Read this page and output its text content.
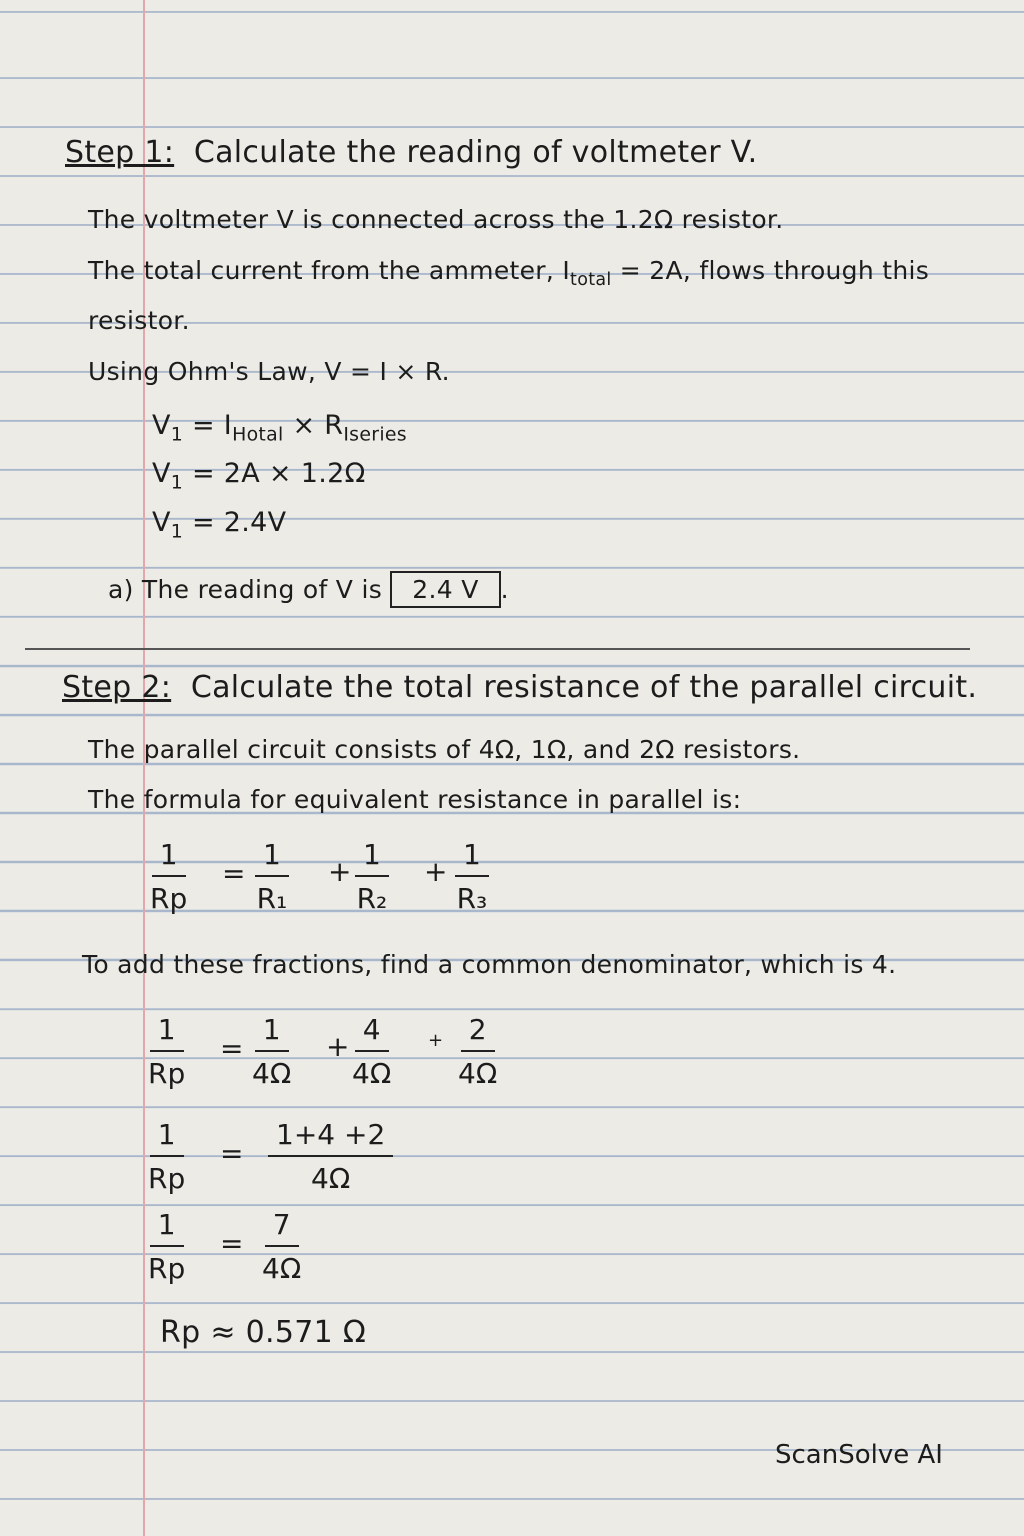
Step 1: Calculate the reading of voltmeter V.
The voltmeter V is connected across the 1.2Ω resistor.
The total current from the ammeter, $I_{total} = 2A$, flows through this
resistor.
Using Ohm's Law, V = I × R.
$V_1 = I_{Hotal} \times R_{Iseries}$
$V_1 = 2A \times 1.2\Omega$
$V_1 = 2.4V$
a) The reading of V is 2.4 V .
Step 2: Calculate the total resistance of the parallel circuit.
The parallel circuit consists of 4Ω, 1Ω, and 2Ω resistors.
The formula for equivalent resistance in parallel is:
$\frac{1}{Rp} = \frac{1}{\text{R₁}} + \frac{1}{\text{R₂}} + \frac{1}{\text{R₃}}$
To add these fractions, find a common denominator, which is 4.
$\frac{1}{Rp} = \frac{1}{4\Omega} + \frac{4}{4\Omega} + \frac{2}{4\Omega}$
$\frac{1}{Rp} = \frac{1+4 +2}{4\Omega}$
$\frac{1}{Rp} = \frac{7}{4\Omega}$
Rp ≈ 0.571 Ω
ScanSolve AI
